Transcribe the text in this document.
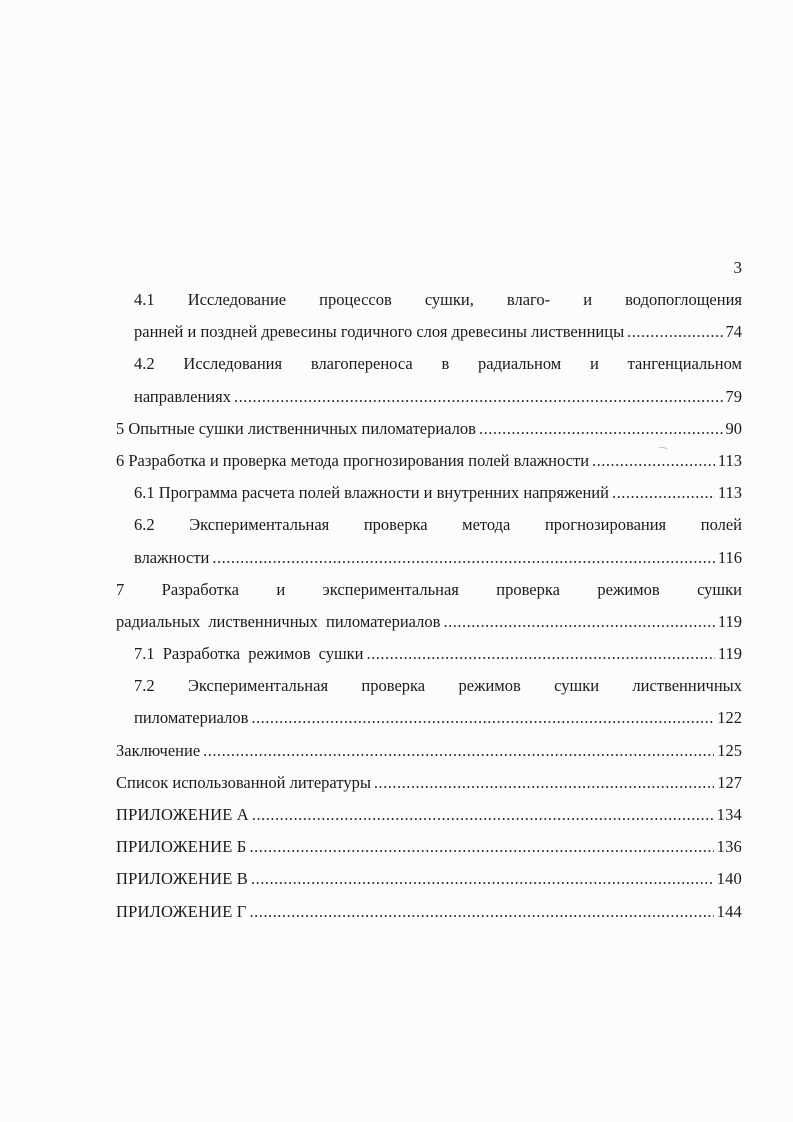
3
4.1 Исследование процессов сушки, влаго- и водопоглощения
ранней и поздней древесины годичного слоя древесины лиственницы .....	74
4.2 Исследования влагопереноса в радиальном и тангенциальном
направлениях .....	79
5 Опытные сушки лиственничных пиломатериалов .....	90
6 Разработка и проверка метода прогнозирования полей влажности .....	113
6.1 Программа расчета полей влажности и внутренних напряжений .....	113
6.2 Экспериментальная проверка метода прогнозирования полей
влажности .....	116
7 Разработка и экспериментальная проверка режимов сушки
радиальных лиственничных пиломатериалов .....	119
7.1 Разработка режимов сушки .....	119
7.2 Экспериментальная проверка режимов сушки лиственничных
пиломатериалов .....	122
Заключение .....	125
Список использованной литературы .....	127
ПРИЛОЖЕНИЕ А .....	134
ПРИЛОЖЕНИЕ Б .....	136
ПРИЛОЖЕНИЕ В .....	140
ПРИЛОЖЕНИЕ Г .....	144
